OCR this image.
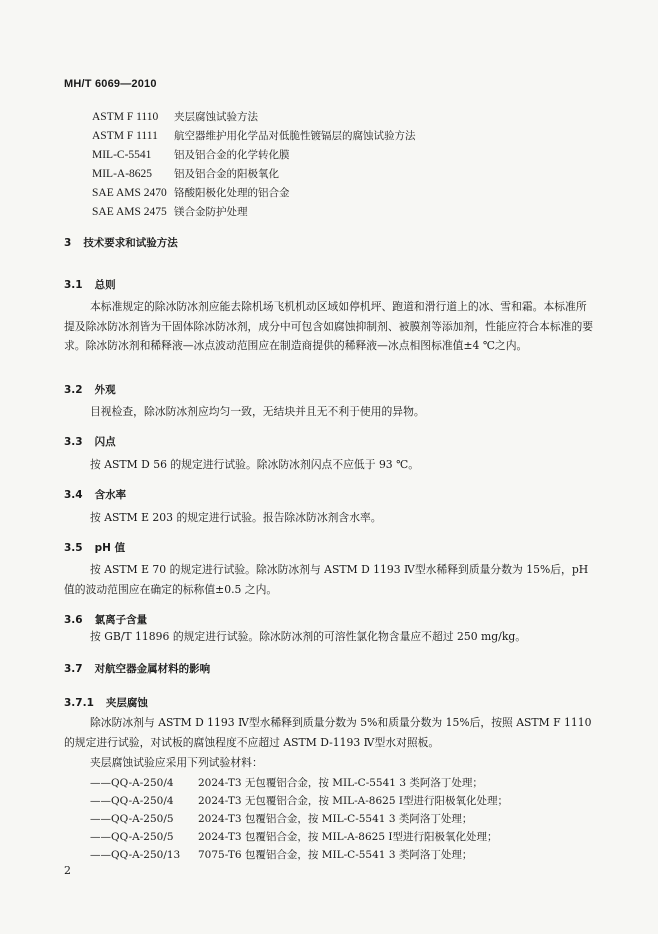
MH/T 6069—2010
ASTM F 1110 夹层腐蚀试验方法
ASTM F 1111 航空器维护用化学品对低脆性镀镉层的腐蚀试验方法
MIL-C-5541 铝及铝合金的化学转化膜
MIL-A-8625 铝及铝合金的阳极氧化
SAE AMS 2470 铬酸阳极化处理的铝合金
SAE AMS 2475 镁合金防护处理
3 技术要求和试验方法
3.1 总则

本标准规定的除冰防冰剂应能去除机场飞机机动区域如停机坪、跑道和滑行道上的冰、雪和霜。本标准所提及除冰防冰剂皆为干固体除冰防冰剂，成分中可包含如腐蚀抑制剂、被膜剂等添加剂，性能应符合本标准的要求。除冰防冰剂和稀释液—冰点波动范围应在制造商提供的稀释液—冰点相图标准值±4 ℃之内。

3.2 外观

目视检查，除冰防冰剂应均匀一致，无结块并且无不利于使用的异物。

3.3 闪点

按 ASTM D 56 的规定进行试验。除冰防冰剂闪点不应低于 93 ℃。

3.4 含水率

按 ASTM E 203 的规定进行试验。报告除冰防冰剂含水率。

3.5 pH 值

按 ASTM E 70 的规定进行试验。除冰防冰剂与 ASTM D 1193 Ⅳ型水稀释到质量分数为 15%后，pH 值的波动范围应在确定的标称值±0.5 之内。

3.6 氯离子含量

按 GB/T 11896 的规定进行试验。除冰防冰剂的可溶性氯化物含量应不超过 250 mg/kg。

3.7 对航空器金属材料的影响
3.7.1 夹层腐蚀

除冰防冰剂与 ASTM D 1193 Ⅳ型水稀释到质量分数为 5%和质量分数为 15%后，按照 ASTM F 1110 的规定进行试验，对试板的腐蚀程度不应超过 ASTM D-1193 Ⅳ型水对照板。

夹层腐蚀试验应采用下列试验材料：
——QQ-A-250/4 2024-T3 无包覆铝合金，按 MIL-C-5541 3 类阿洛丁处理；
——QQ-A-250/4 2024-T3 无包覆铝合金，按 MIL-A-8625 Ⅰ型进行阳极氧化处理；
——QQ-A-250/5 2024-T3 包覆铝合金，按 MIL-C-5541 3 类阿洛丁处理；
——QQ-A-250/5 2024-T3 包覆铝合金，按 MIL-A-8625 Ⅰ型进行阳极氧化处理；
——QQ-A-250/13 7075-T6 包覆铝合金，按 MIL-C-5541 3 类阿洛丁处理；
2
